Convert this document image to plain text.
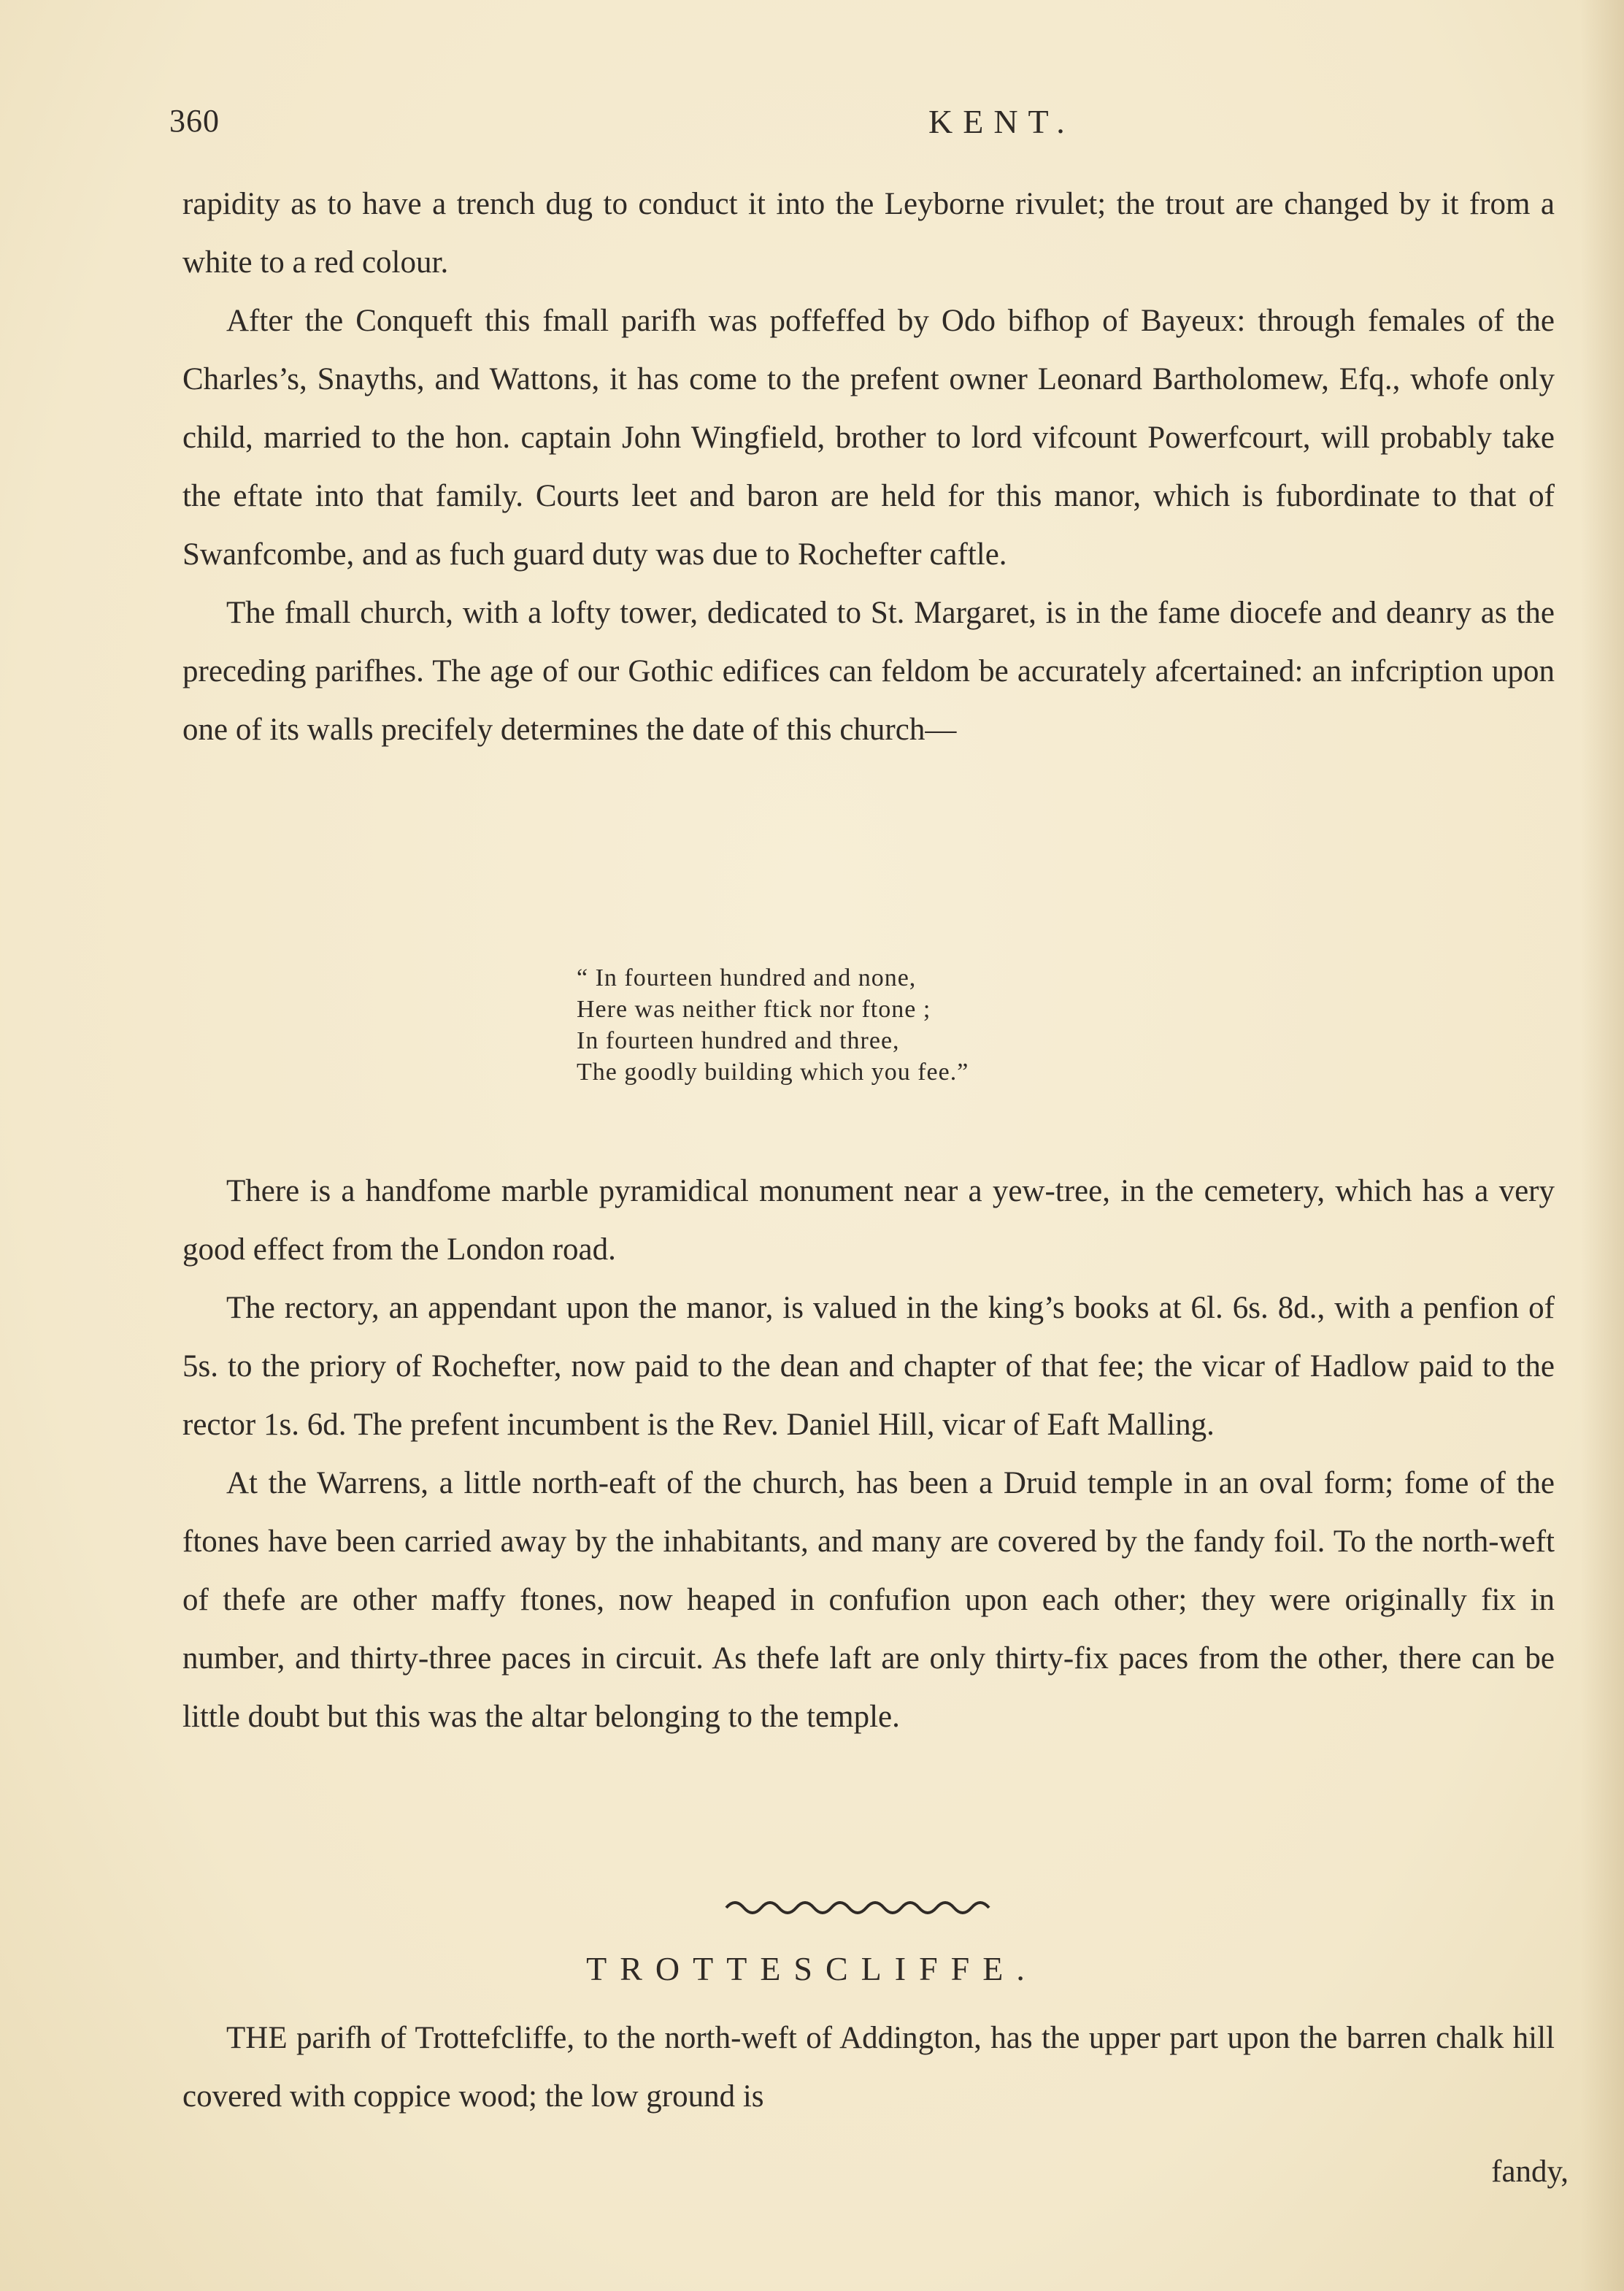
360	KENT.

rapidity as to have a trench dug to conduct it into the Leyborne rivulet; the trout are changed by it from a white to a red colour.

After the Conqueft this fmall parifh was poffeffed by Odo bifhop of Bayeux: through females of the Charles’s, Snayths, and Wattons, it has come to the prefent owner Leonard Bartholomew, Efq., whofe only child, married to the hon. captain John Wingfield, brother to lord vifcount Powerfcourt, will probably take the eftate into that family. Courts leet and baron are held for this manor, which is fubordinate to that of Swanfcombe, and as fuch guard duty was due to Rochefter caftle.

The fmall church, with a lofty tower, dedicated to St. Margaret, is in the fame diocefe and deanry as the preceding parifhes. The age of our Gothic edifices can feldom be accurately afcertained: an infcription upon one of its walls precifely determines the date of this church—

“ In fourteen hundred and none,
Here was neither ftick nor ftone ;
In fourteen hundred and three,
The goodly building which you fee.”

There is a handfome marble pyramidical monument near a yew-tree, in the cemetery, which has a very good effect from the London road.

The rectory, an appendant upon the manor, is valued in the king’s books at 6l. 6s. 8d., with a penfion of 5s. to the priory of Rochefter, now paid to the dean and chapter of that fee; the vicar of Hadlow paid to the rector 1s. 6d. The prefent incumbent is the Rev. Daniel Hill, vicar of Eaft Malling.

At the Warrens, a little north-eaft of the church, has been a Druid temple in an oval form; fome of the ftones have been carried away by the inhabitants, and many are covered by the fandy foil. To the north-weft of thefe are other maffy ftones, now heaped in confufion upon each other; they were originally fix in number, and thirty-three paces in circuit. As thefe laft are only thirty-fix paces from the other, there can be little doubt but this was the altar belonging to the temple.

TROTTESCLIFFE.

THE parifh of Trottefcliffe, to the north-weft of Addington, has the upper part upon the barren chalk hill covered with coppice wood; the low ground is

fandy,
